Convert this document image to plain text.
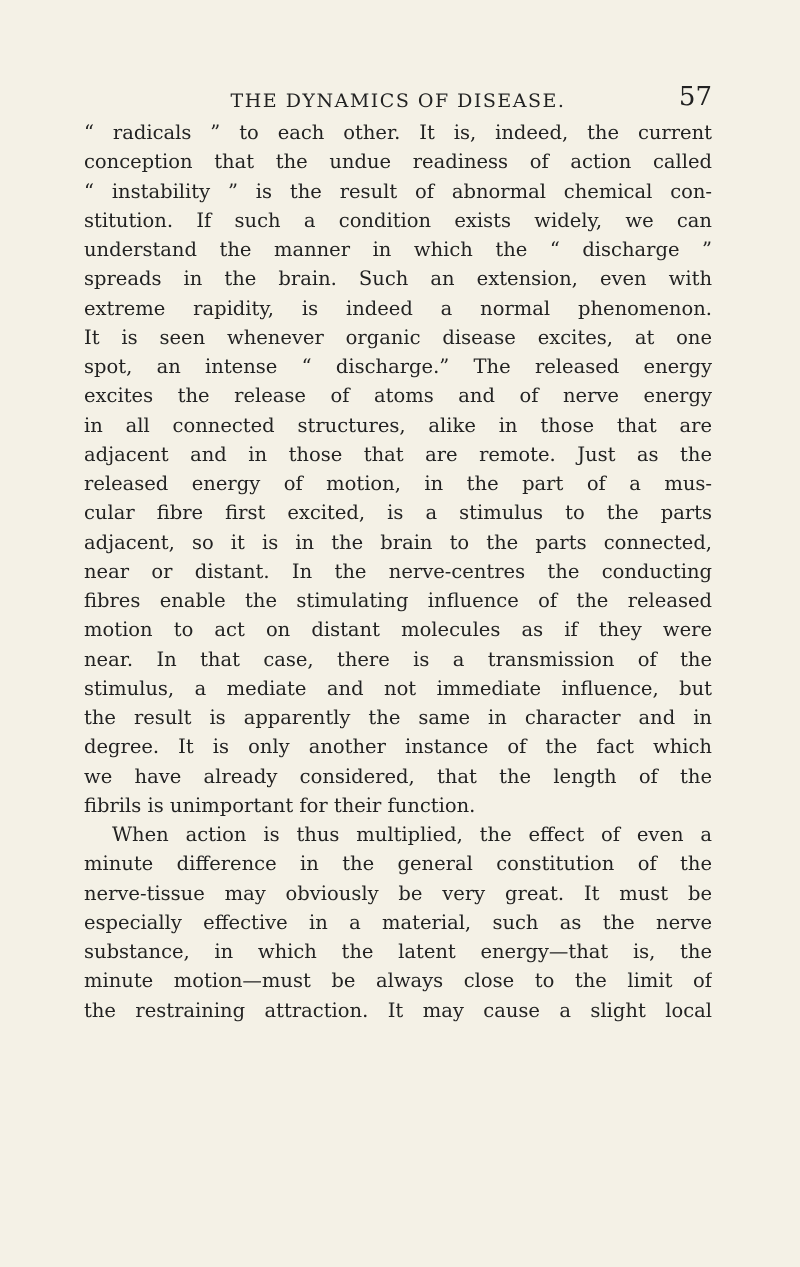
THE DYNAMICS OF DISEASE.	57
“ radicals ” to each other. It is, indeed, the current
conception that the undue readiness of action called
“ instability ” is the result of abnormal chemical con-
stitution. If such a condition exists widely, we can
understand the manner in which the “ discharge ”
spreads in the brain. Such an extension, even with
extreme rapidity, is indeed a normal phenomenon.
It is seen whenever organic disease excites, at one
spot, an intense “ discharge.” The released energy
excites the release of atoms and of nerve energy
in all connected structures, alike in those that are
adjacent and in those that are remote. Just as the
released energy of motion, in the part of a mus-
cular fibre first excited, is a stimulus to the parts
adjacent, so it is in the brain to the parts connected,
near or distant. In the nerve-centres the conducting
fibres enable the stimulating influence of the released
motion to act on distant molecules as if they were
near. In that case, there is a transmission of the
stimulus, a mediate and not immediate influence, but
the result is apparently the same in character and in
degree. It is only another instance of the fact which
we have already considered, that the length of the
fibrils is unimportant for their function.
When action is thus multiplied, the effect of even a
minute difference in the general constitution of the
nerve-tissue may obviously be very great. It must be
especially effective in a material, such as the nerve
substance, in which the latent energy—that is, the
minute motion—must be always close to the limit of
the restraining attraction. It may cause a slight local
